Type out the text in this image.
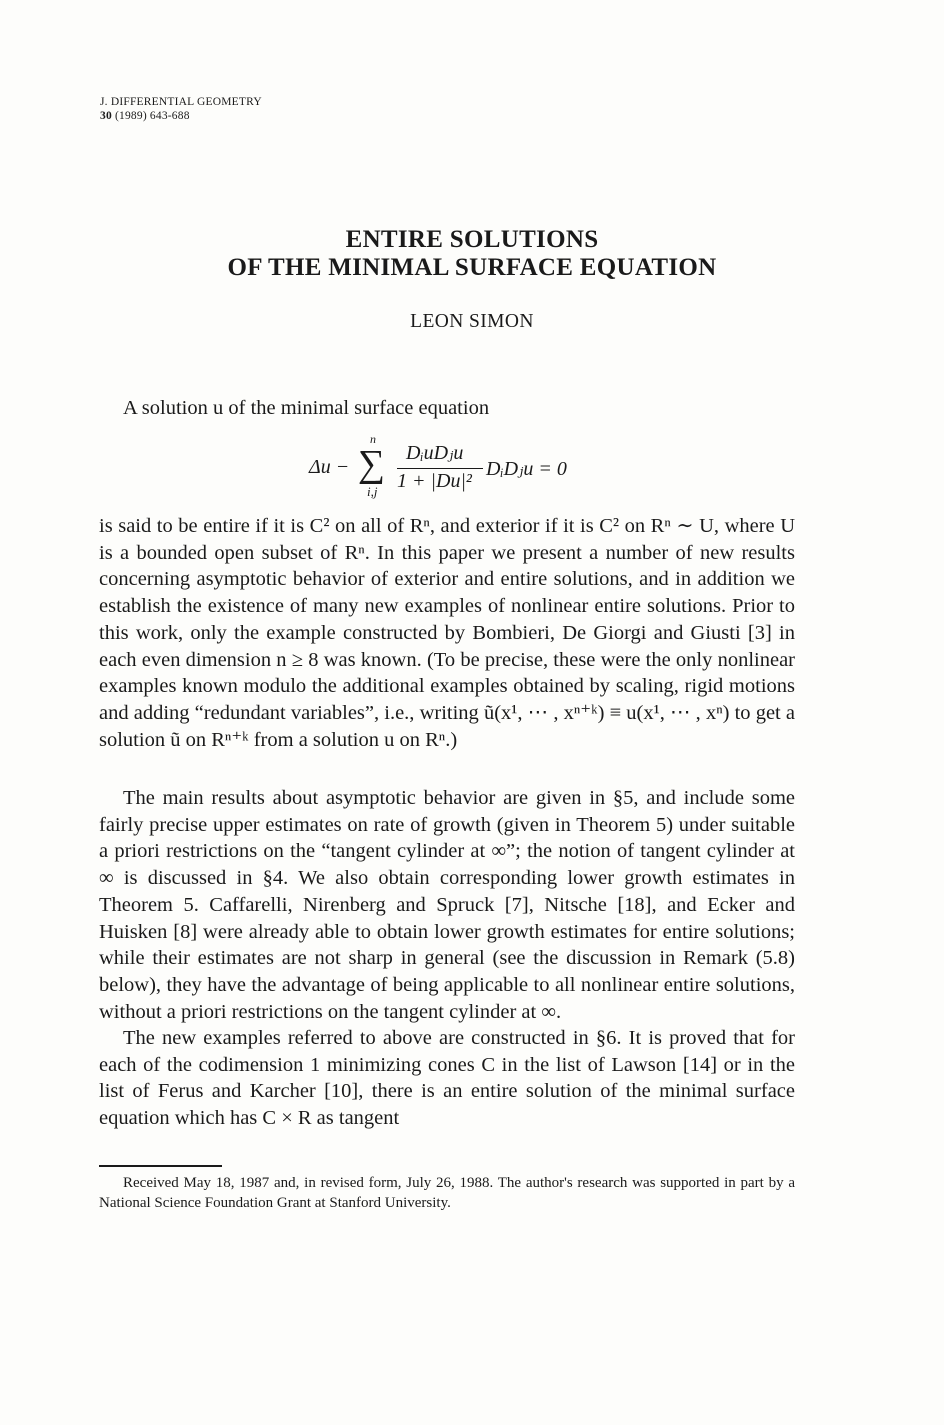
J. DIFFERENTIAL GEOMETRY
30 (1989) 643-688
ENTIRE SOLUTIONS
OF THE MINIMAL SURFACE EQUATION
LEON SIMON
A solution u of the minimal surface equation
Δu −
n
∑
i,j
DᵢuDⱼu
1 + |Du|²
DᵢDⱼu = 0

is said to be entire if it is C² on all of Rⁿ, and exterior if it is C² on Rⁿ ∼ U, where U is a bounded open subset of Rⁿ. In this paper we present a number of new results concerning asymptotic behavior of exterior and entire solutions, and in addition we establish the existence of many new examples of nonlinear entire solutions. Prior to this work, only the example constructed by Bombieri, De Giorgi and Giusti [3] in each even dimension n ≥ 8 was known. (To be precise, these were the only nonlinear examples known modulo the additional examples obtained by scaling, rigid motions and adding “redundant variables”, i.e., writing ũ(x¹, ⋯ , xⁿ⁺ᵏ) ≡ u(x¹, ⋯ , xⁿ) to get a solution ũ on Rⁿ⁺ᵏ from a solution u on Rⁿ.)

The main results about asymptotic behavior are given in §5, and include some fairly precise upper estimates on rate of growth (given in Theorem 5) under suitable a priori restrictions on the “tangent cylinder at ∞”; the notion of tangent cylinder at ∞ is discussed in §4. We also obtain corresponding lower growth estimates in Theorem 5. Caffarelli, Nirenberg and Spruck [7], Nitsche [18], and Ecker and Huisken [8] were already able to obtain lower growth estimates for entire solutions; while their estimates are not sharp in general (see the discussion in Remark (5.8) below), they have the advantage of being applicable to all nonlinear entire solutions, without a priori restrictions on the tangent cylinder at ∞.

The new examples referred to above are constructed in §6. It is proved that for each of the codimension 1 minimizing cones C in the list of Lawson [14] or in the list of Ferus and Karcher [10], there is an entire solution of the minimal surface equation which has C × R as tangent

Received May 18, 1987 and, in revised form, July 26, 1988. The author's research was supported in part by a National Science Foundation Grant at Stanford University.
